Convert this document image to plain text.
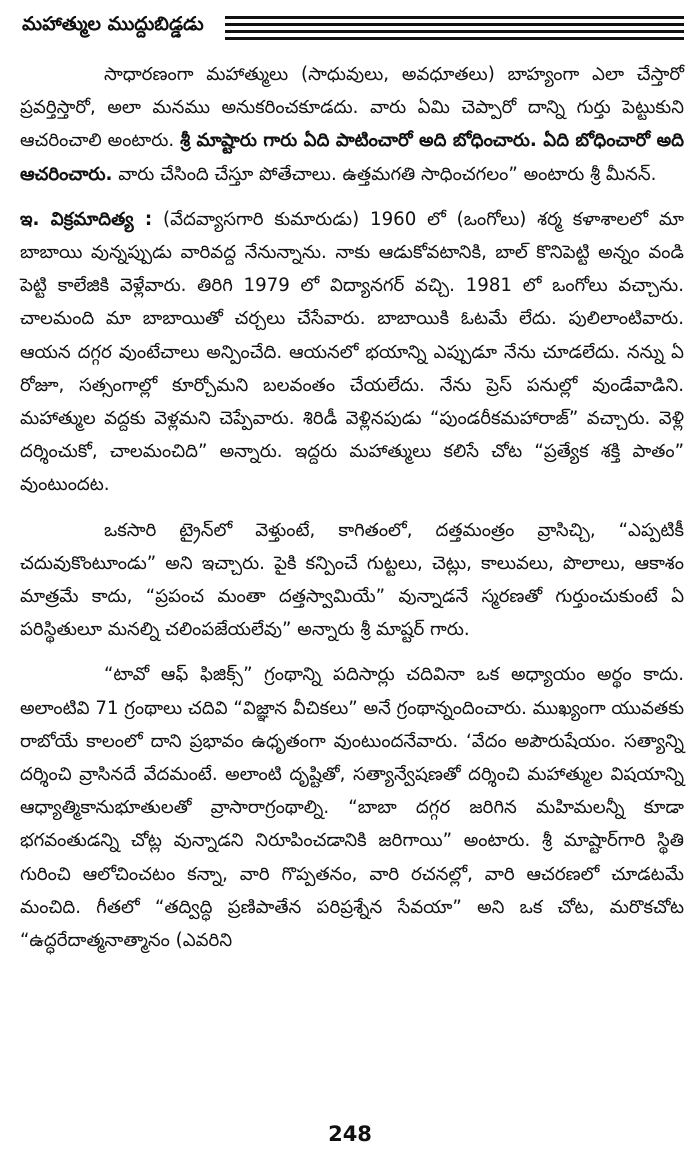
మహాత్ముల ముద్దుబిడ్డడు

సాధారణంగా మహాత్ములు (సాధువులు, అవధూతలు) బాహ్యంగా ఎలా చేస్తారో ప్రవర్తిస్తారో, అలా మనము అనుకరించకూడదు. వారు ఏమి చెప్పారో దాన్ని గుర్తు పెట్టుకుని ఆచరించాలి అంటారు. శ్రీ మాష్టారు గారు ఏది పాటించారో అది బోధించారు. ఏది బోధించారో అది ఆచరించారు. వారు చేసింది చేస్తూ పోతేచాలు. ఉత్తమగతి సాధించగలం” అంటారు శ్రీ మీనన్.

ఇ. విక్రమాదిత్య : (వేదవ్యాసగారి కుమారుడు) 1960 లో (ఒంగోలు) శర్మ కళాశాలలో మా బాబాయి వున్నప్పుడు వారివద్ద నేనున్నాను. నాకు ఆడుకోవటానికి, బాల్ కొనిపెట్టి అన్నం వండి పెట్టి కాలేజికి వెళ్లేవారు. తిరిగి 1979 లో విద్యానగర్ వచ్చి. 1981 లో ఒంగోలు వచ్చాను. చాలమంది మా బాబాయితో చర్చలు చేసేవారు. బాబాయికి ఓటమే లేదు. పులిలాంటివారు. ఆయన దగ్గర వుంటేచాలు అన్పించేది. ఆయనలో భయాన్ని ఎప్పుడూ నేను చూడలేదు. నన్ను ఏ రోజూ, సత్సంగాల్లో కూర్చోమని బలవంతం చేయలేదు. నేను ప్రెస్ పనుల్లో వుండేవాడిని. మహాత్ముల వద్దకు వెళ్లమని చెప్పేవారు. శిరిడీ వెళ్లినపుడు “పుండరీకమహారాజ్” వచ్చారు. వెళ్లి దర్శించుకో, చాలమంచిది” అన్నారు. ఇద్దరు మహాత్ములు కలిసే చోట “ప్రత్యేక శక్తి పాతం” వుంటుందట.

ఒకసారి ట్రైన్‌లో వెళ్తుంటే, కాగితంలో, దత్తమంత్రం వ్రాసిచ్చి, “ఎప్పటికీ చదువుకొంటూండు” అని ఇచ్చారు. పైకి కన్పించే గుట్టలు, చెట్లు, కాలువలు, పొలాలు, ఆకాశం మాత్రమే కాదు, “ప్రపంచ మంతా దత్తస్వామియే” వున్నాడనే స్మరణతో గుర్తుంచుకుంటే ఏ పరిస్థితులూ మనల్ని చలింపజేయలేవు” అన్నారు శ్రీ మాష్టర్ గారు.

“టావో ఆఫ్ ఫిజిక్స్” గ్రంథాన్ని పదిసార్లు చదివినా ఒక అధ్యాయం అర్థం కాదు. అలాంటివి 71 గ్రంథాలు చదివి “విజ్ఞాన వీచికలు” అనే గ్రంథాన్నందించారు. ముఖ్యంగా యువతకు రాబోయే కాలంలో దాని ప్రభావం ఉధృతంగా వుంటుందనేవారు. ‘వేదం అపౌరుషేయం. సత్యాన్ని దర్శించి వ్రాసినదే వేదమంటే. అలాంటి దృష్టితో, సత్యాన్వేషణతో దర్శించి మహాత్ముల విషయాన్ని ఆధ్యాత్మికానుభూతులతో వ్రాసారాగ్రంథాల్ని. “బాబా దగ్గర జరిగిన మహిమలన్నీ కూడా భగవంతుడన్ని చోట్ల వున్నాడని నిరూపించడానికి జరిగాయి” అంటారు. శ్రీ మాష్టార్‌గారి స్థితి గురించి ఆలోచించటం కన్నా, వారి గొప్పతనం, వారి రచనల్లో, వారి ఆచరణలో చూడటమే మంచిది. గీతలో “తద్విద్ధి ప్రణిపాతేన పరిప్రశ్నేన సేవయా” అని ఒక చోట, మరొకచోట “ఉద్ధరేదాత్మనాత్మానం (ఎవరిని

248
